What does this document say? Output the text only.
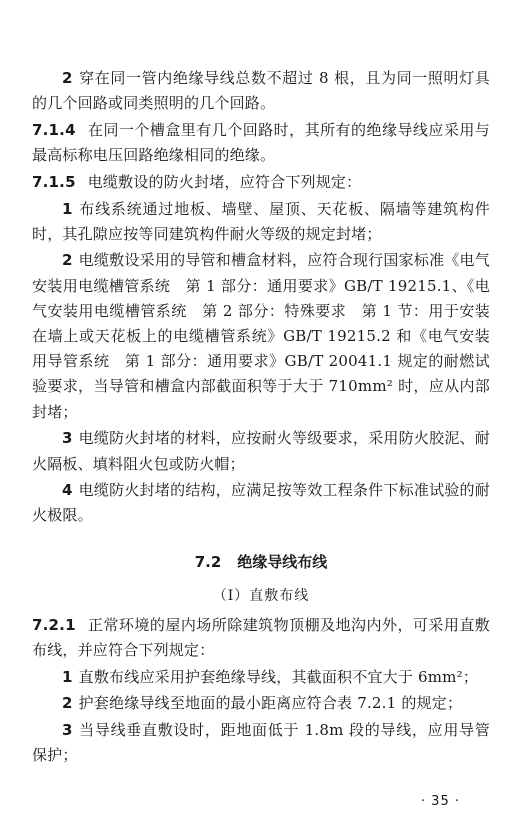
2 穿在同一管内绝缘导线总数不超过 8 根，且为同一照明灯具的几个回路或同类照明的几个回路。

7.1.4 在同一个槽盒里有几个回路时，其所有的绝缘导线应采用与最高标称电压回路绝缘相同的绝缘。

7.1.5 电缆敷设的防火封堵，应符合下列规定：

1 布线系统通过地板、墙壁、屋顶、天花板、隔墙等建筑构件时，其孔隙应按等同建筑构件耐火等级的规定封堵；

2 电缆敷设采用的导管和槽盒材料，应符合现行国家标准《电气安装用电缆槽管系统　第 1 部分：通用要求》GB/T 19215.1、《电气安装用电缆槽管系统　第 2 部分：特殊要求　第 1 节：用于安装在墙上或天花板上的电缆槽管系统》GB/T 19215.2 和《电气安装用导管系统　第 1 部分：通用要求》GB/T 20041.1 规定的耐燃试验要求，当导管和槽盒内部截面积等于大于 710mm² 时，应从内部封堵；

3 电缆防火封堵的材料，应按耐火等级要求，采用防火胶泥、耐火隔板、填料阻火包或防火帽；

4 电缆防火封堵的结构，应满足按等效工程条件下标准试验的耐火极限。

7.2 绝缘导线布线
（Ⅰ）直敷布线

7.2.1 正常环境的屋内场所除建筑物顶棚及地沟内外，可采用直敷布线，并应符合下列规定：

1 直敷布线应采用护套绝缘导线，其截面积不宜大于 6mm²；

2 护套绝缘导线至地面的最小距离应符合表 7.2.1 的规定；

3 当导线垂直敷设时，距地面低于 1.8m 段的导线，应用导管保护；

· 35 ·
